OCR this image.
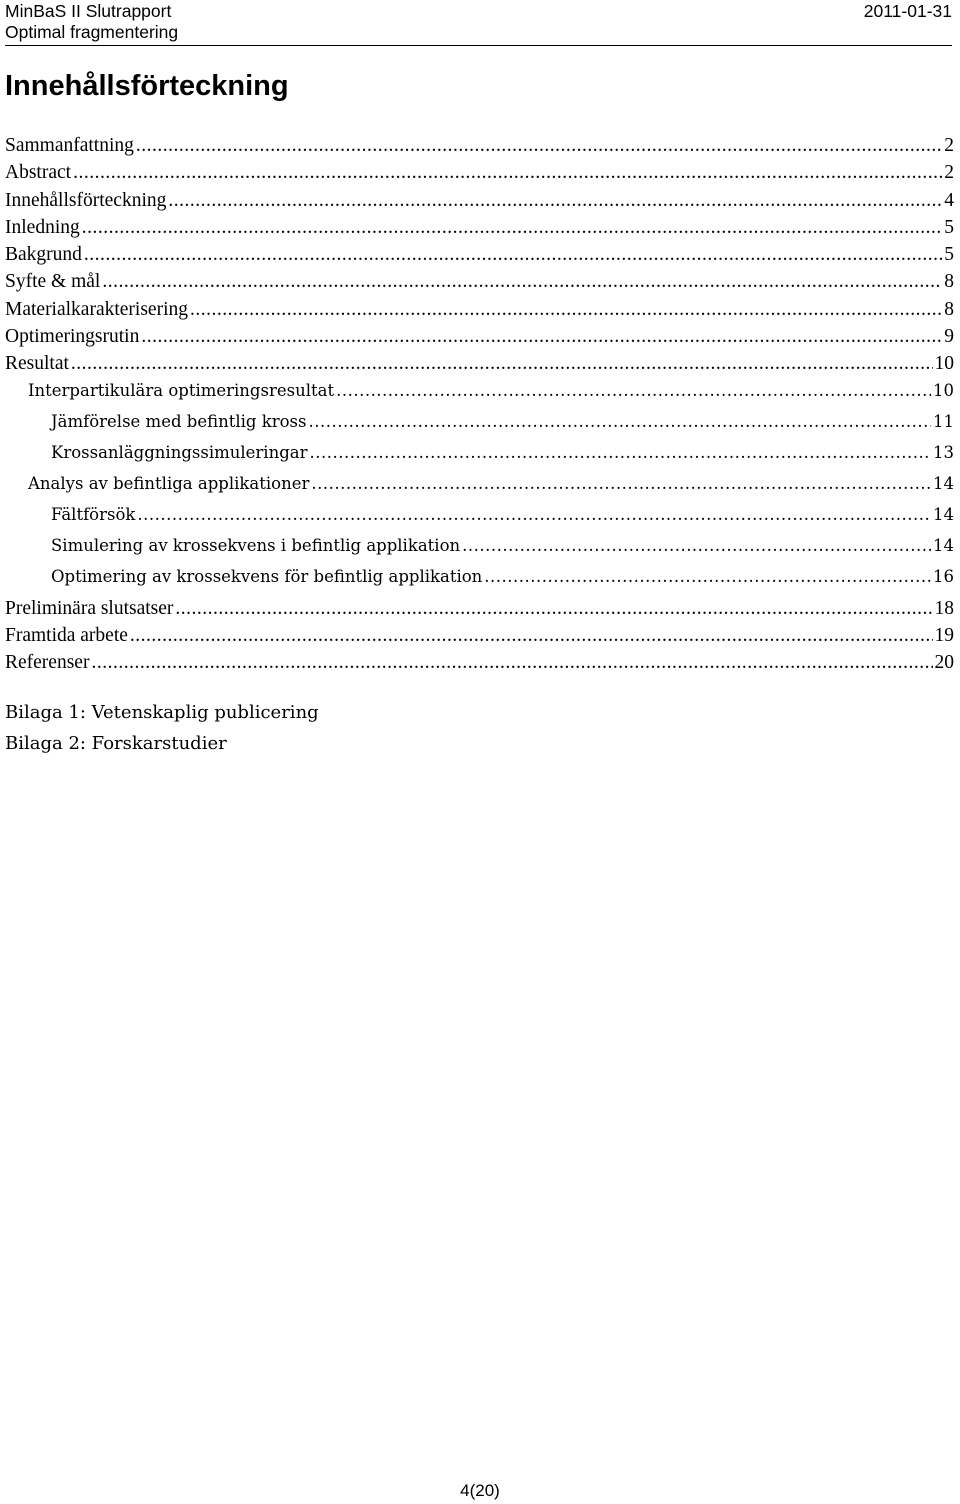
MinBaS II Slutrapport
Optimal fragmentering
2011-01-31
Innehållsförteckning
Sammanfattning .....	2
Abstract .....	2
Innehållsförteckning .....	4
Inledning .....	5
Bakgrund .....	5
Syfte & mål .....	8
Materialkarakterisering .....	8
Optimeringsrutin .....	9
Resultat .....	10
Interpartikulära optimeringsresultat .....	10
Jämförelse med befintlig kross .....	11
Krossanläggningssimuleringar .....	13
Analys av befintliga applikationer .....	14
Fältförsök .....	14
Simulering av krossekvens i befintlig applikation .....	14
Optimering av krossekvens för befintlig applikation .....	16
Preliminära slutsatser .....	18
Framtida arbete .....	19
Referenser .....	20
Bilaga 1: Vetenskaplig publicering
Bilaga 2: Forskarstudier
4(20)
